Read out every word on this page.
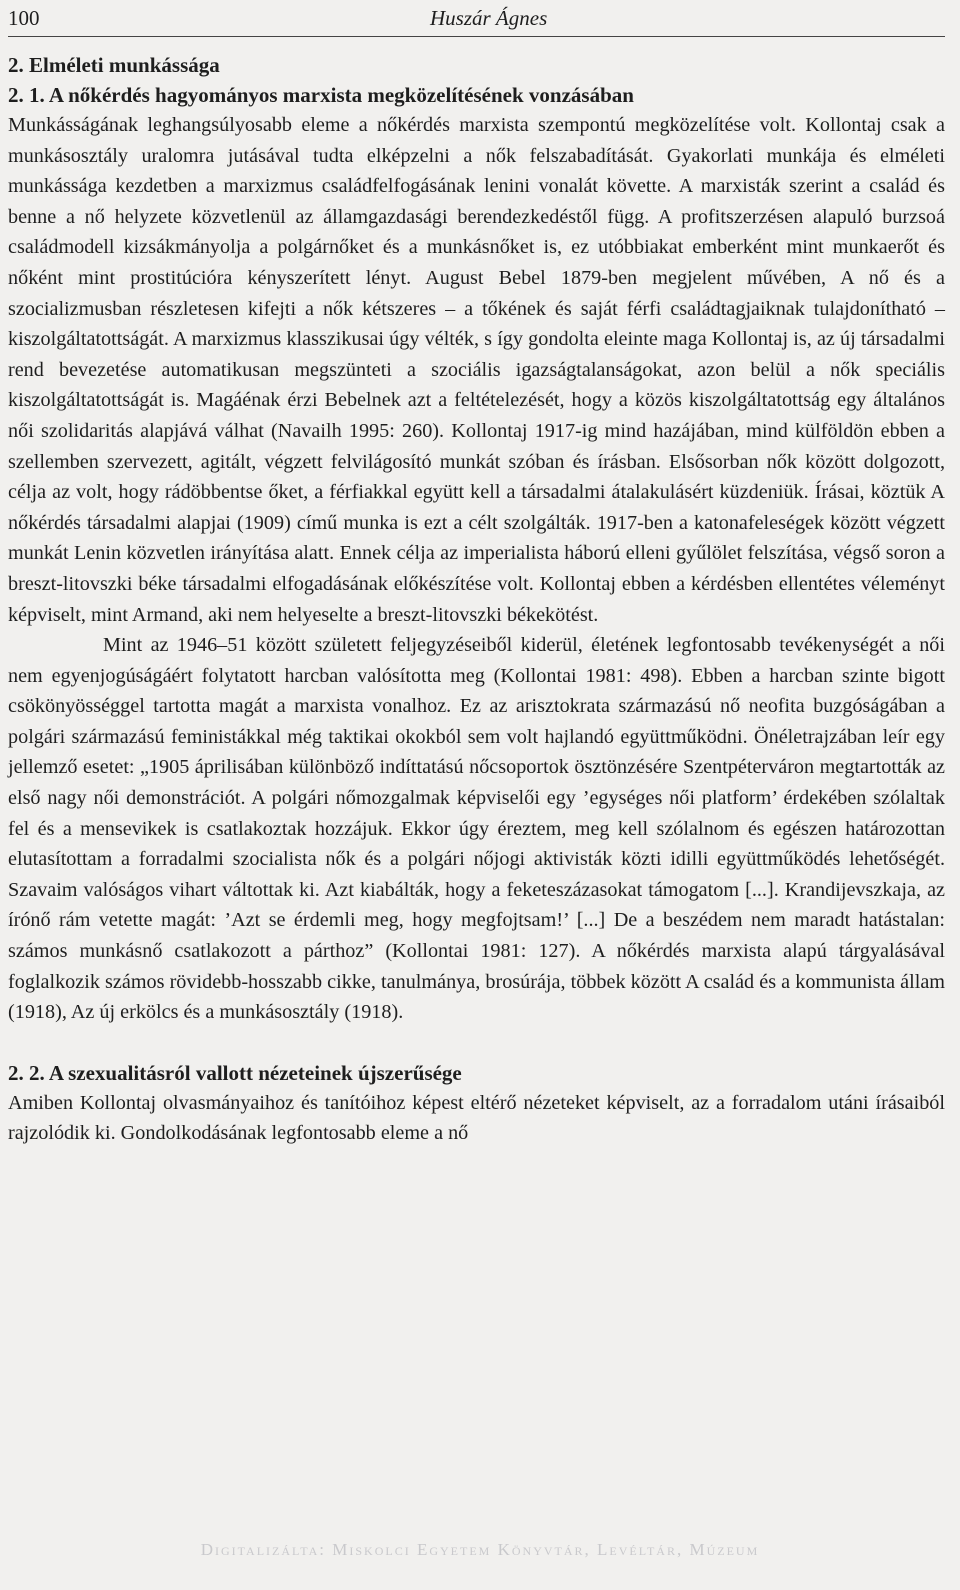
100	Huszár Ágnes
2. Elméleti munkássága
2. 1. A nőkérdés hagyományos marxista megközelítésének vonzásában

Munkásságának leghangsúlyosabb eleme a nőkérdés marxista szempontú megközelítése volt. Kollontaj csak a munkásosztály uralomra jutásával tudta elképzelni a nők felszabadítását. Gyakorlati munkája és elméleti munkássága kezdetben a marxizmus családfelfogásának lenini vonalát követte. A marxisták szerint a család és benne a nő helyzete közvetlenül az államgazdasági berendezkedéstől függ. A profitszerzésen alapuló burzsoá családmodell kizsákmányolja a polgárnőket és a munkásnőket is, ez utóbbiakat emberként mint munkaerőt és nőként mint prostitúcióra kényszerített lényt. August Bebel 1879-ben megjelent művében, A nő és a szocializmusban részletesen kifejti a nők kétszeres – a tőkének és saját férfi családtagjaiknak tulajdonítható – kiszolgáltatottságát. A marxizmus klasszikusai úgy vélték, s így gondolta eleinte maga Kollontaj is, az új társadalmi rend bevezetése automatikusan megszünteti a szociális igazságtalanságokat, azon belül a nők speciális kiszolgáltatottságát is. Magáénak érzi Bebelnek azt a feltételezését, hogy a közös kiszolgáltatottság egy általános női szolidaritás alapjává válhat (Navailh 1995: 260). Kollontaj 1917-ig mind hazájában, mind külföldön ebben a szellemben szervezett, agitált, végzett felvilágosító munkát szóban és írásban. Elsősorban nők között dolgozott, célja az volt, hogy rádöbbentse őket, a férfiakkal együtt kell a társadalmi átalakulásért küzdeniük. Írásai, köztük A nőkérdés társadalmi alapjai (1909) című munka is ezt a célt szolgálták. 1917-ben a katonafeleségek között végzett munkát Lenin közvetlen irányítása alatt. Ennek célja az imperialista háború elleni gyűlölet felszítása, végső soron a breszt-litovszki béke társadalmi elfogadásának előkészítése volt. Kollontaj ebben a kérdésben ellentétes véleményt képviselt, mint Armand, aki nem helyeselte a breszt-litovszki békekötést.

Mint az 1946–51 között született feljegyzéseiből kiderül, életének legfontosabb tevékenységét a női nem egyenjogúságáért folytatott harcban valósította meg (Kollontai 1981: 498). Ebben a harcban szinte bigott csökönyösséggel tartotta magát a marxista vonalhoz. Ez az arisztokrata származású nő neofita buzgóságában a polgári származású feministákkal még taktikai okokból sem volt hajlandó együttműködni. Önéletrajzában leír egy jellemző esetet: „1905 áprilisában különböző indíttatású nőcsoportok ösztönzésére Szentpéterváron megtartották az első nagy női demonstrációt. A polgári nőmozgalmak képviselői egy ’egységes női platform’ érdekében szólaltak fel és a mensevikek is csatlakoztak hozzájuk. Ekkor úgy éreztem, meg kell szólalnom és egészen határozottan elutasítottam a forradalmi szocialista nők és a polgári nőjogi aktivisták közti idilli együttműködés lehetőségét. Szavaim valóságos vihart váltottak ki. Azt kiabálták, hogy a feketeszázasokat támogatom [...]. Krandijevszkaja, az írónő rám vetette magát: ’Azt se érdemli meg, hogy megfojtsam!’ [...] De a beszédem nem maradt hatástalan: számos munkásnő csatlakozott a párthoz” (Kollontai 1981: 127). A nőkérdés marxista alapú tárgyalásával foglalkozik számos rövidebb-hosszabb cikke, tanulmánya, brosúrája, többek között A család és a kommunista állam (1918), Az új erkölcs és a munkásosztály (1918).

2. 2. A szexualitásról vallott nézeteinek újszerűsége

Amiben Kollontaj olvasmányaihoz és tanítóihoz képest eltérő nézeteket képviselt, az a forradalom utáni írásaiból rajzolódik ki. Gondolkodásának legfontosabb eleme a nő

Digitalizálta: Miskolci Egyetem Könyvtár, Levéltár, Múzeum
